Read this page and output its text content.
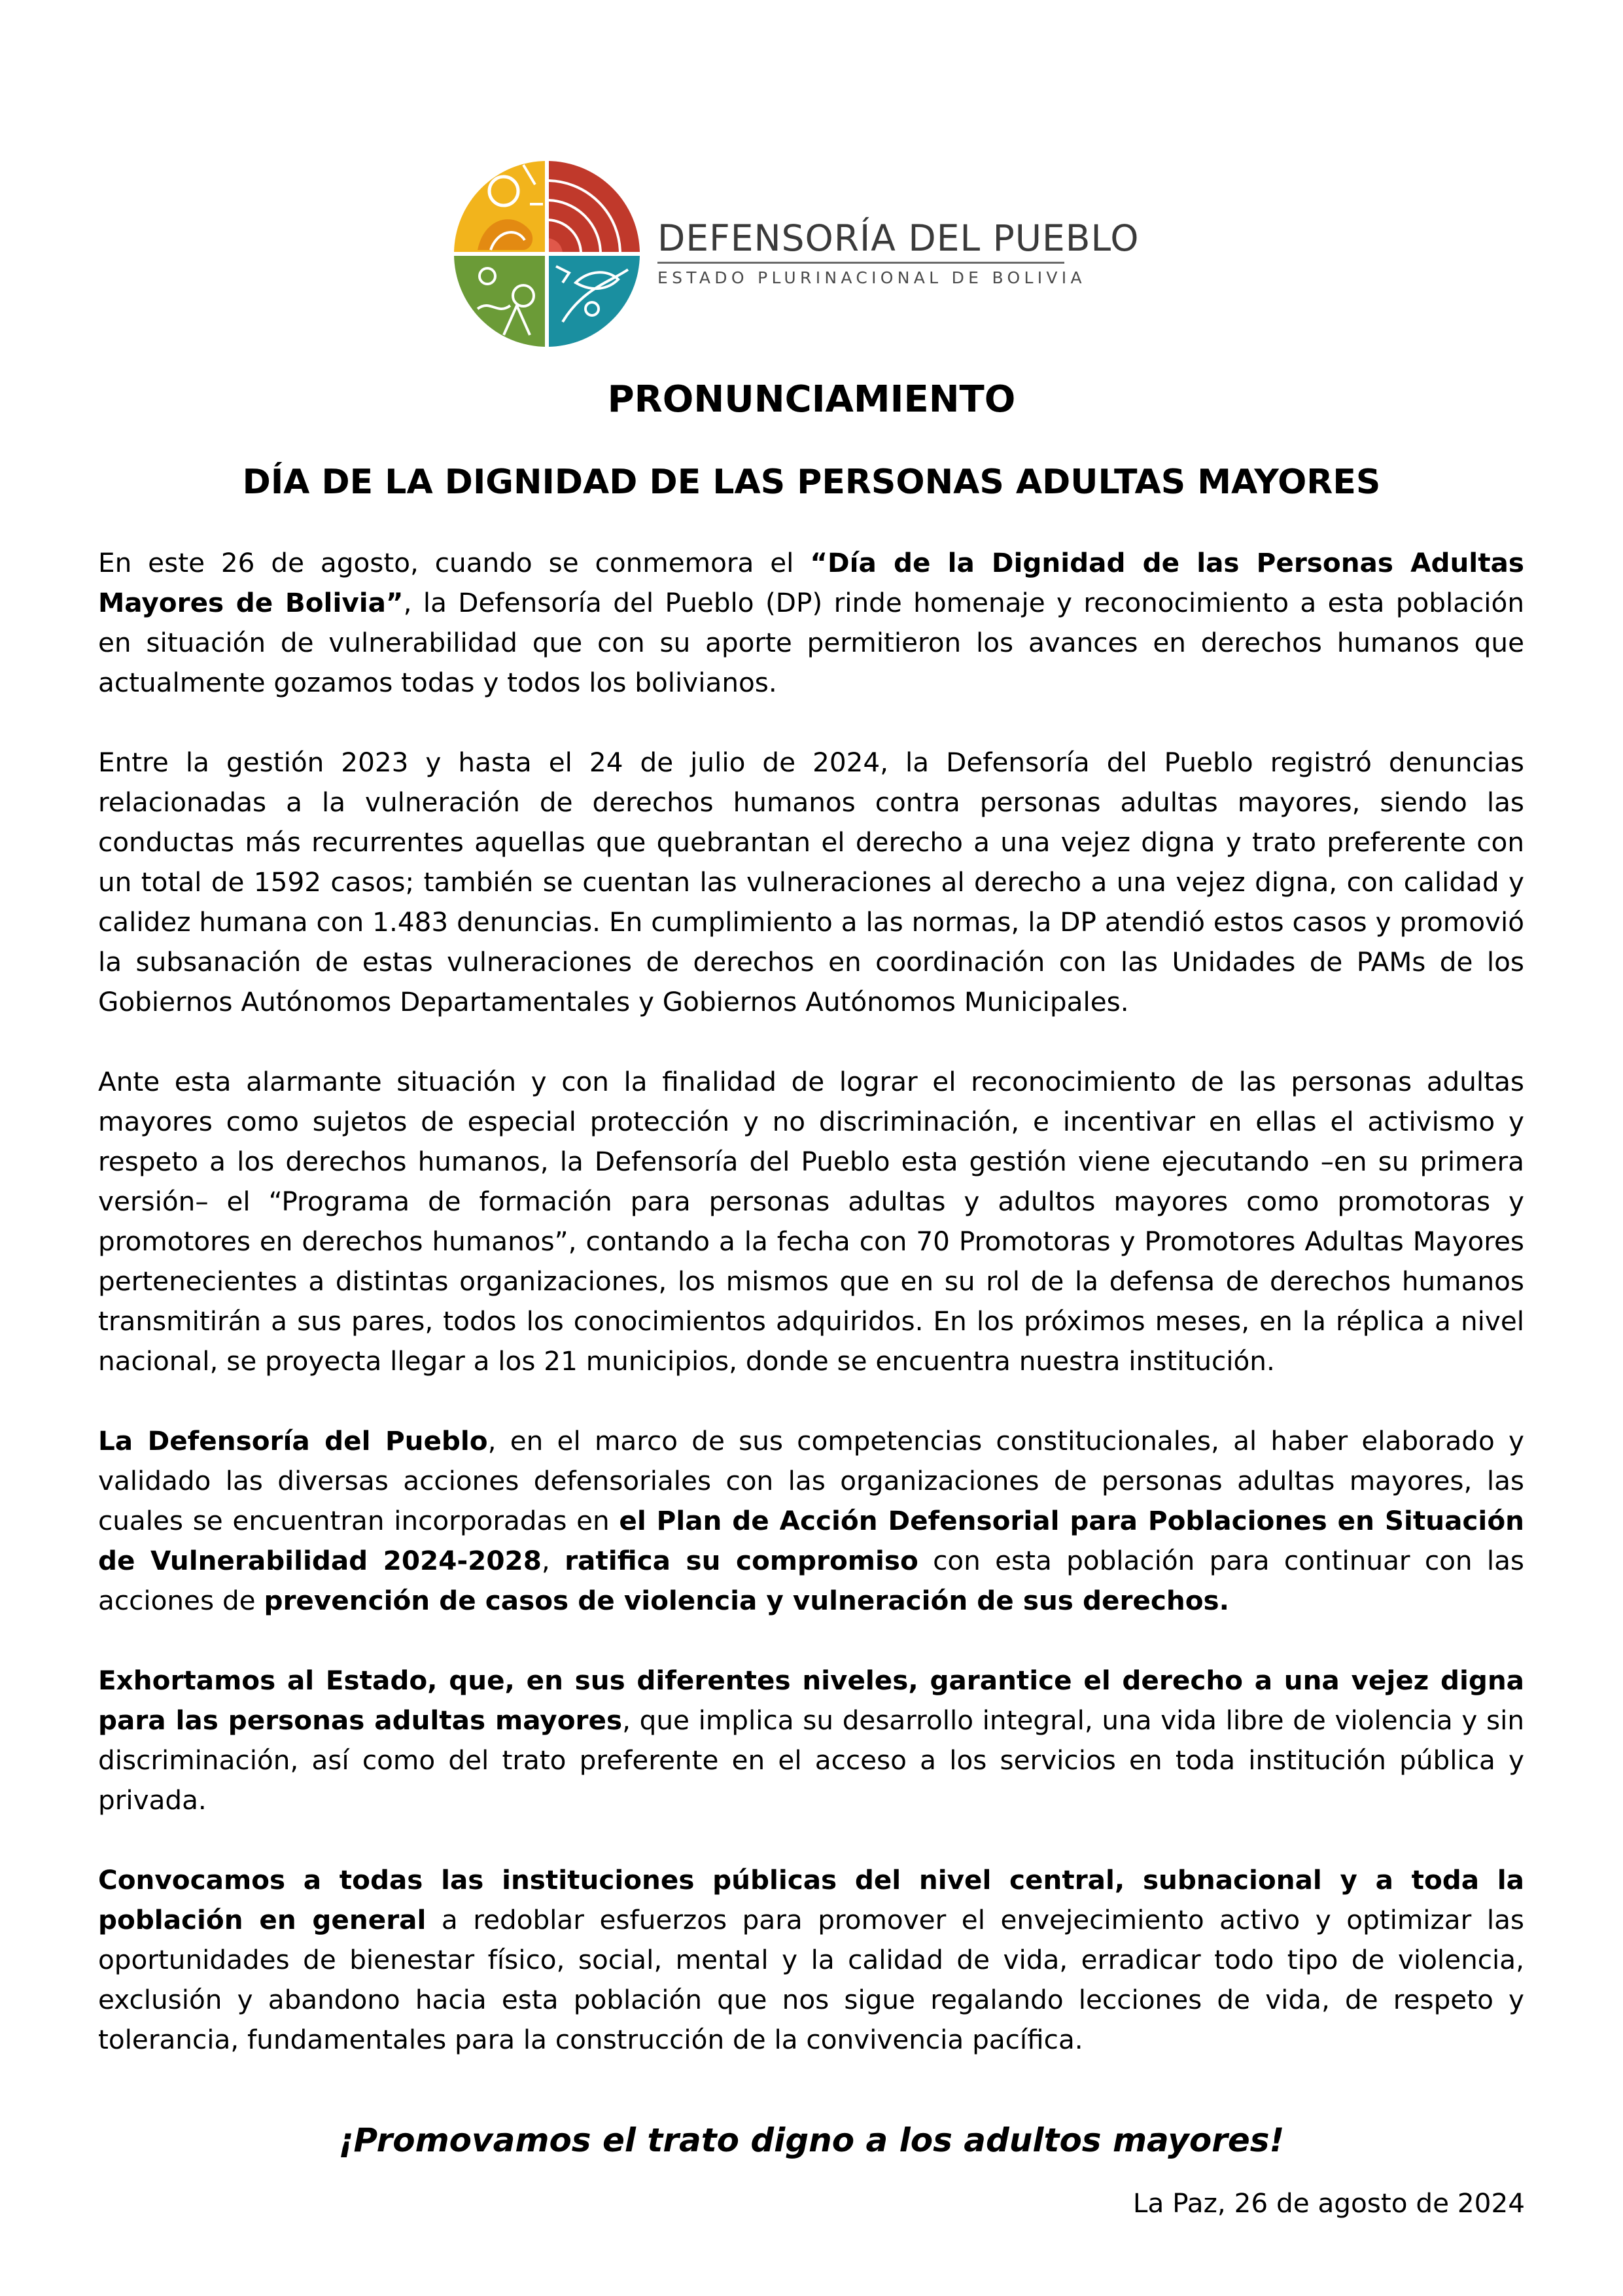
DEFENSORÍA DEL PUEBLO
ESTADO PLURINACIONAL DE BOLIVIA
PRONUNCIAMIENTO
DÍA DE LA DIGNIDAD DE LAS PERSONAS ADULTAS MAYORES

En este 26 de agosto, cuando se conmemora el “Día de la Dignidad de las Personas Adultas Mayores de Bolivia”, la Defensoría del Pueblo (DP) rinde homenaje y reconocimiento a esta población en situación de vulnerabilidad que con su aporte permitieron los avances en derechos humanos que actualmente gozamos todas y todos los bolivianos.

Entre la gestión 2023 y hasta el 24 de julio de 2024, la Defensoría del Pueblo registró denuncias relacionadas a la vulneración de derechos humanos contra personas adultas mayores, siendo las conductas más recurrentes aquellas que quebrantan el derecho a una vejez digna y trato preferente con un total de 1592 casos; también se cuentan las vulneraciones al derecho a una vejez digna, con calidad y calidez humana con 1.483 denuncias. En cumplimiento a las normas, la DP atendió estos casos y promovió la subsanación de estas vulneraciones de derechos en coordinación con las Unidades de PAMs de los Gobiernos Autónomos Departamentales y Gobiernos Autónomos Municipales.

Ante esta alarmante situación y con la finalidad de lograr el reconocimiento de las personas adultas mayores como sujetos de especial protección y no discriminación, e incentivar en ellas el activismo y respeto a los derechos humanos, la Defensoría del Pueblo esta gestión viene ejecutando –en su primera versión– el “Programa de formación para personas adultas y adultos mayores como promotoras y promotores en derechos humanos”, contando a la fecha con 70 Promotoras y Promotores Adultas Mayores pertenecientes a distintas organizaciones, los mismos que en su rol de la defensa de derechos humanos transmitirán a sus pares, todos los conocimientos adquiridos. En los próximos meses, en la réplica a nivel nacional, se proyecta llegar a los 21 municipios, donde se encuentra nuestra institución.

La Defensoría del Pueblo, en el marco de sus competencias constitucionales, al haber elaborado y validado las diversas acciones defensoriales con las organizaciones de personas adultas mayores, las cuales se encuentran incorporadas en el Plan de Acción Defensorial para Poblaciones en Situación de Vulnerabilidad 2024-2028, ratifica su compromiso con esta población para continuar con las acciones de prevención de casos de violencia y vulneración de sus derechos.

Exhortamos al Estado, que, en sus diferentes niveles, garantice el derecho a una vejez digna para las personas adultas mayores, que implica su desarrollo integral, una vida libre de violencia y sin discriminación, así como del trato preferente en el acceso a los servicios en toda institución pública y privada.

Convocamos a todas las instituciones públicas del nivel central, subnacional y a toda la población en general a redoblar esfuerzos para promover el envejecimiento activo y optimizar las oportunidades de bienestar físico, social, mental y la calidad de vida, erradicar todo tipo de violencia, exclusión y abandono hacia esta población que nos sigue regalando lecciones de vida, de respeto y tolerancia, fundamentales para la construcción de la convivencia pacífica.

¡Promovamos el trato digno a los adultos mayores!
La Paz, 26 de agosto de 2024
